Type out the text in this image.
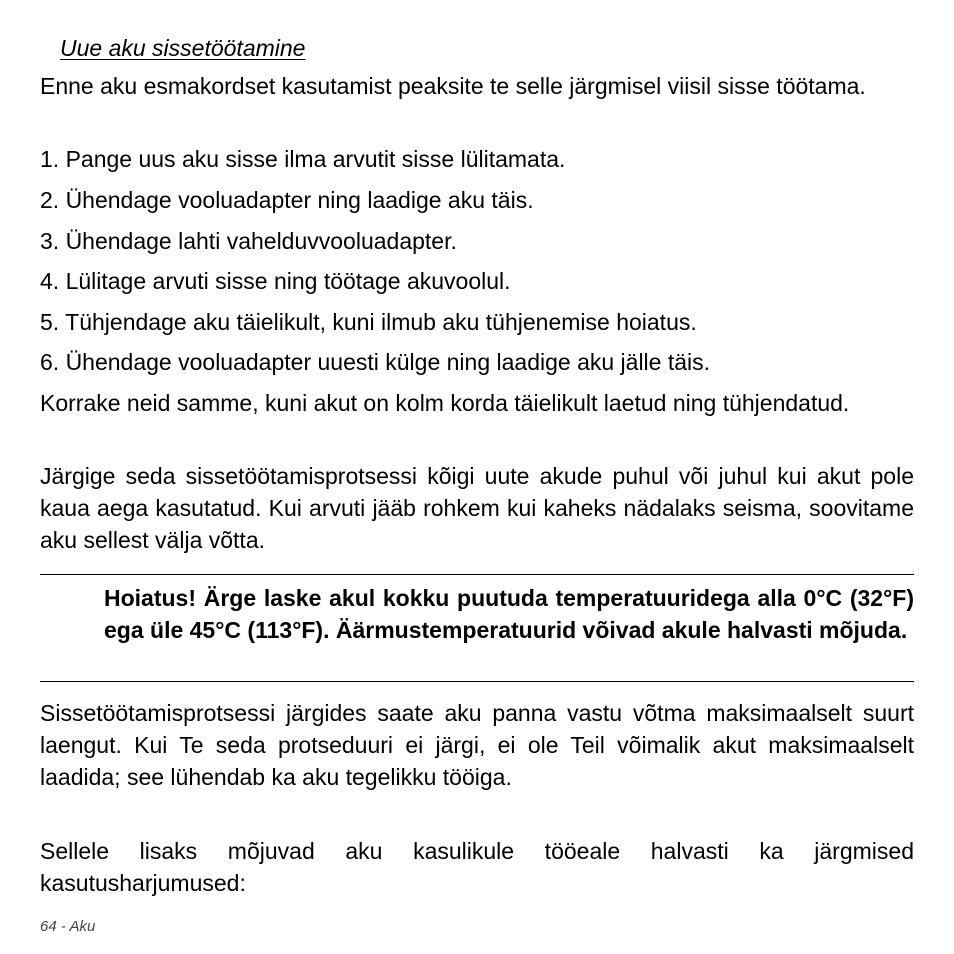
Uue aku sissetöötamine

Enne aku esmakordset kasutamist peaksite te selle järgmisel viisil sisse töötama.

1. Pange uus aku sisse ilma arvutit sisse lülitamata.

2. Ühendage vooluadapter ning laadige aku täis.

3. Ühendage lahti vahelduvvooluadapter.

4. Lülitage arvuti sisse ning töötage akuvoolul.

5. Tühjendage aku täielikult, kuni ilmub aku tühjenemise hoiatus.

6. Ühendage vooluadapter uuesti külge ning laadige aku jälle täis.

Korrake neid samme, kuni akut on kolm korda täielikult laetud ning tühjendatud.

Järgige seda sissetöötamisprotsessi kõigi uute akude puhul või juhul kui akut pole kaua aega kasutatud. Kui arvuti jääb rohkem kui kaheks nädalaks seisma, soovitame aku sellest välja võtta.

Hoiatus! Ärge laske akul kokku puutuda temperatuuridega alla 0°C (32°F) ega üle 45°C (113°F). Äärmustemperatuurid võivad akule halvasti mõjuda.

Sissetöötamisprotsessi järgides saate aku panna vastu võtma maksimaalselt suurt laengut. Kui Te seda protseduuri ei järgi, ei ole Teil võimalik akut maksimaalselt laadida; see lühendab ka aku tegelikku tööiga.

Sellele lisaks mõjuvad aku kasulikule tööeale halvasti ka järgmised kasutusharjumused:

64 - Aku
